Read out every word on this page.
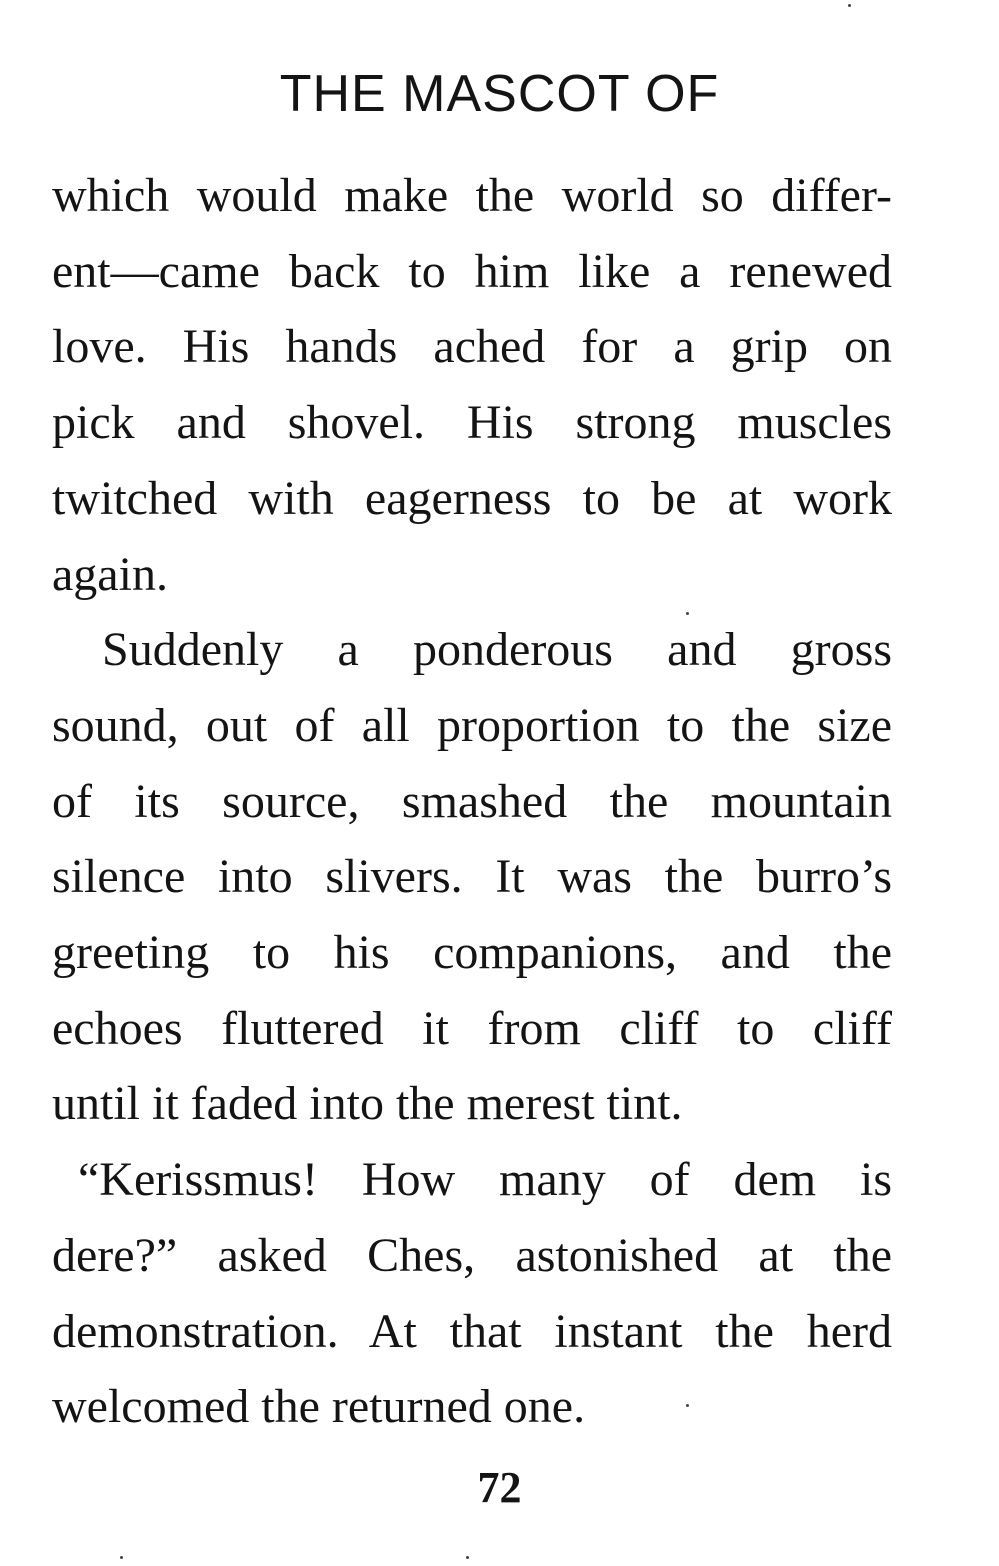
THE MASCOT OF

which would make the world so differ-
ent—came back to him like a renewed
love. His hands ached for a grip on
pick and shovel. His strong muscles
twitched with eagerness to be at work
again.

Suddenly a ponderous and gross
sound, out of all proportion to the size
of its source, smashed the mountain
silence into slivers. It was the burro’s
greeting to his companions, and the
echoes fluttered it from cliff to cliff
until it faded into the merest tint.

“Kerissmus! How many of dem is
dere?” asked Ches, astonished at the
demonstration. At that instant the herd
welcomed the returned one.

72
